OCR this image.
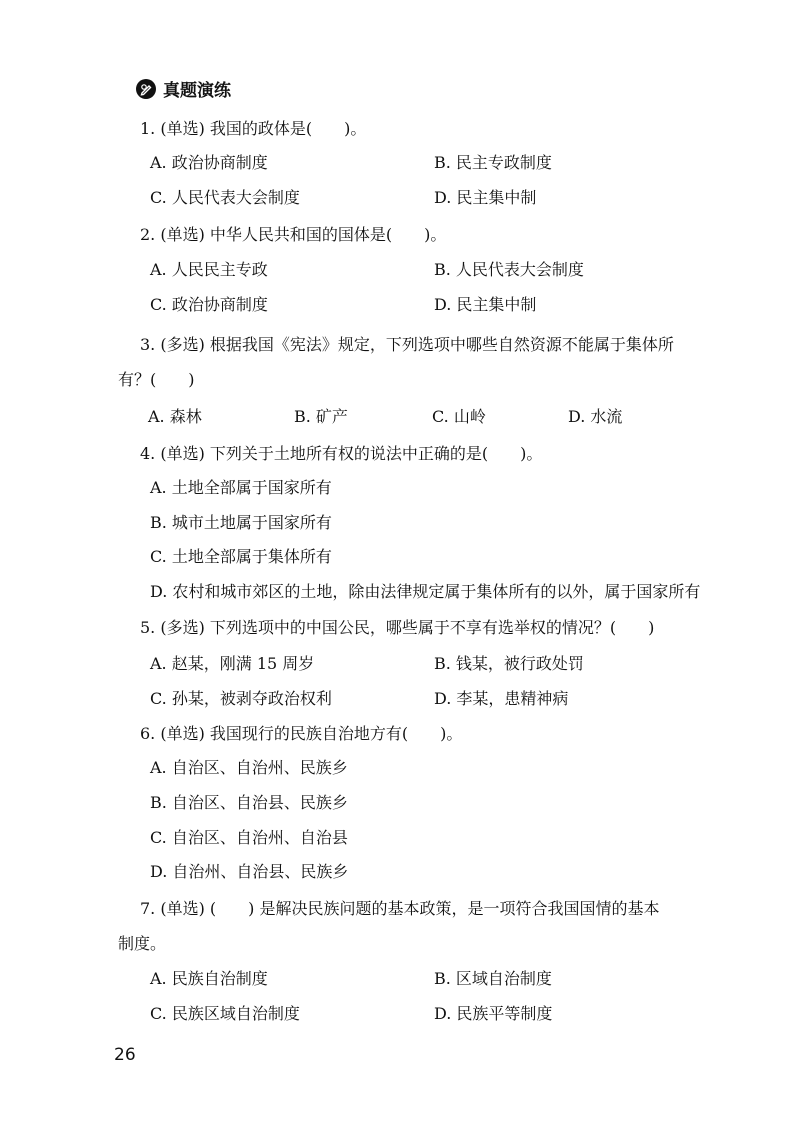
真题演练
1. (单选) 我国的政体是(　　)。
A. 政治协商制度	B. 民主专政制度
C. 人民代表大会制度	D. 民主集中制
2. (单选) 中华人民共和国的国体是(　　)。
A. 人民民主专政	B. 人民代表大会制度
C. 政治协商制度	D. 民主集中制
3. (多选) 根据我国《宪法》规定，下列选项中哪些自然资源不能属于集体所
有？(　　)
A. 森林	B. 矿产	C. 山岭	D. 水流
4. (单选) 下列关于土地所有权的说法中正确的是(　　)。
A. 土地全部属于国家所有
B. 城市土地属于国家所有
C. 土地全部属于集体所有
D. 农村和城市郊区的土地，除由法律规定属于集体所有的以外，属于国家所有
5. (多选) 下列选项中的中国公民，哪些属于不享有选举权的情况？(　　)
A. 赵某，刚满 15 周岁	B. 钱某，被行政处罚
C. 孙某，被剥夺政治权利	D. 李某，患精神病
6. (单选) 我国现行的民族自治地方有(　　)。
A. 自治区、自治州、民族乡
B. 自治区、自治县、民族乡
C. 自治区、自治州、自治县
D. 自治州、自治县、民族乡
7. (单选) (　　) 是解决民族问题的基本政策，是一项符合我国国情的基本
制度。
A. 民族自治制度	B. 区域自治制度
C. 民族区域自治制度	D. 民族平等制度
26
